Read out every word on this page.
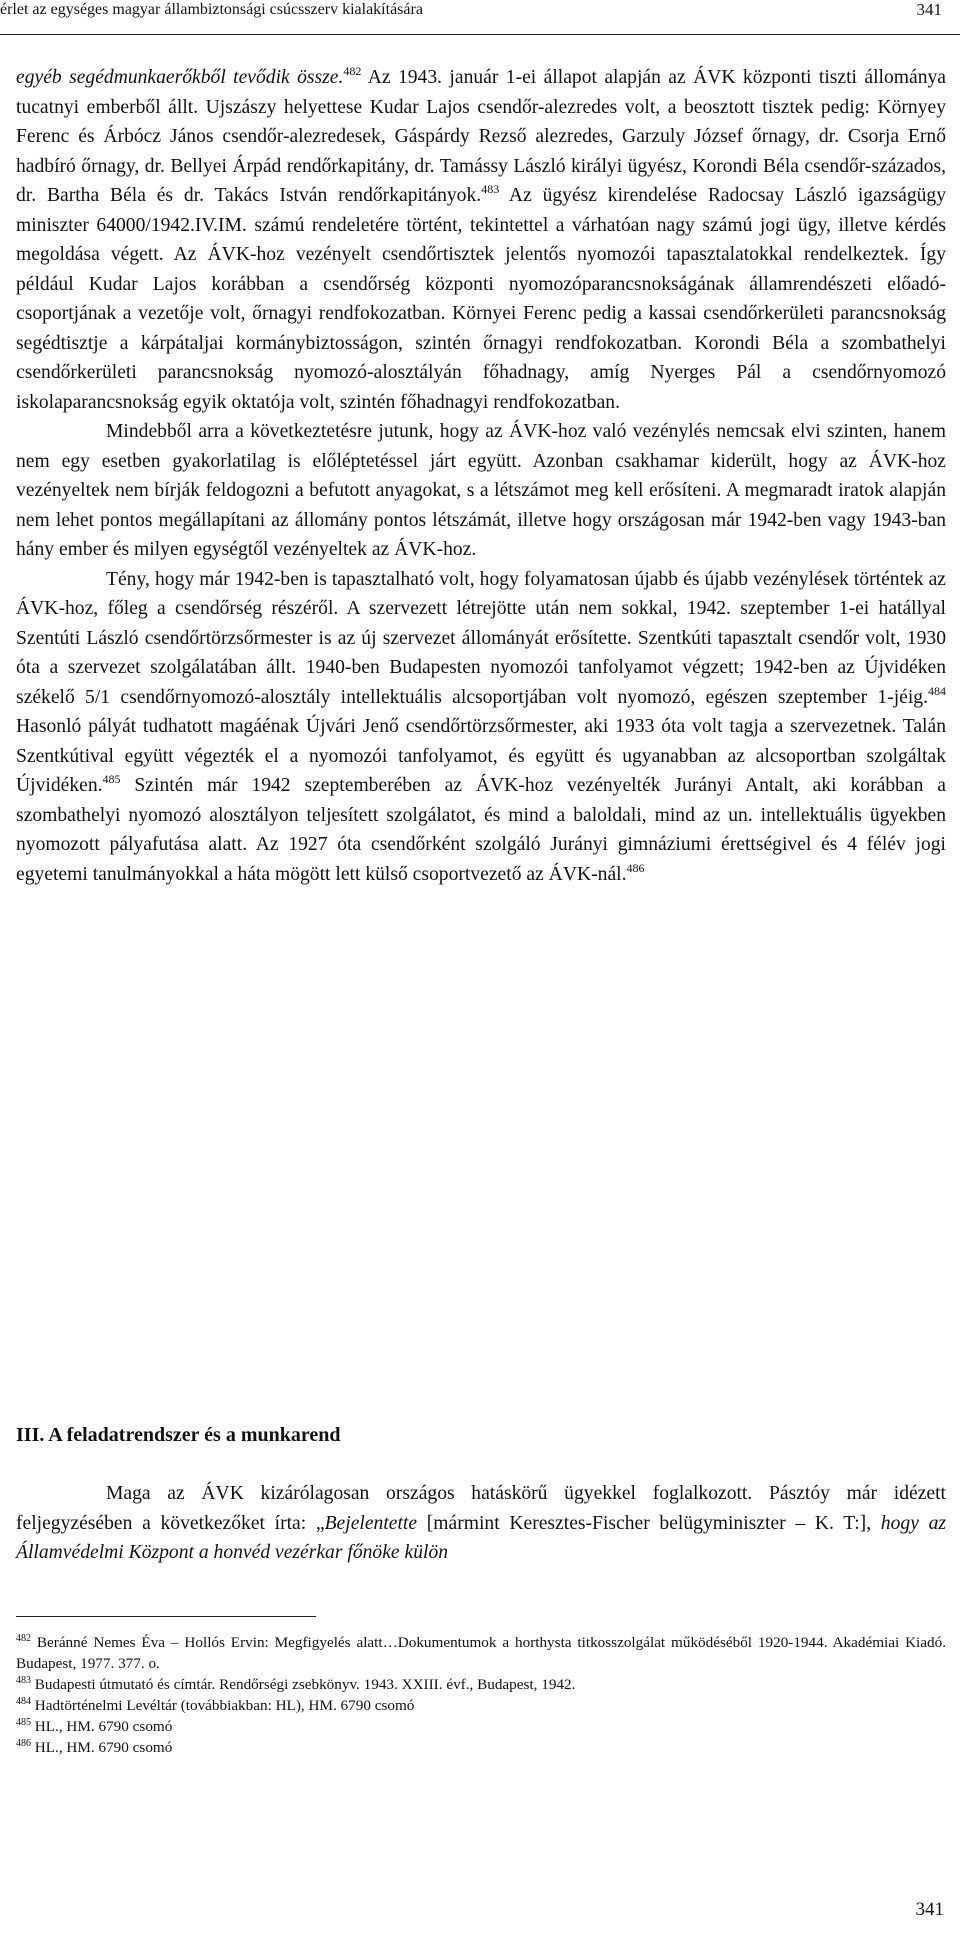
érlet az egységes magyar állambiztonsági csúcsszerv kialakítására	341

egyéb segédmunkaerőkből tevődik össze.$^{482}$ Az 1943. január 1-ei állapot alapján az ÁVK központi tiszti állománya tucatnyi emberből állt. Ujszászy helyettese Kudar Lajos csendőr-alezredes volt, a beosztott tisztek pedig: Környey Ferenc és Árbócz János csendőr-alezredesek, Gáspárdy Rezső alezredes, Garzuly József őrnagy, dr. Csorja Ernő hadbíró őrnagy, dr. Bellyei Árpád rendőrkapitány, dr. Tamássy László királyi ügyész, Korondi Béla csendőr-százados, dr. Bartha Béla és dr. Takács István rendőrkapitányok.$^{483}$ Az ügyész kirendelése Radocsay László igazságügy miniszter 64000/1942.IV.IM. számú rendeletére történt, tekintettel a várhatóan nagy számú jogi ügy, illetve kérdés megoldása végett. Az ÁVK-hoz vezényelt csendőrtisztek jelentős nyomozói tapasztalatokkal rendelkeztek. Így például Kudar Lajos korábban a csendőrség központi nyomozóparancsnokságának államrendészeti előadó-csoportjának a vezetője volt, őrnagyi rendfokozatban. Környei Ferenc pedig a kassai csendőrkerületi parancsnokság segédtisztje a kárpátaljai kormánybiztosságon, szintén őrnagyi rendfokozatban. Korondi Béla a szombathelyi csendőrkerületi parancsnokság nyomozó-alosztályán főhadnagy, amíg Nyerges Pál a csendőrnyomozó iskolaparancsnokság egyik oktatója volt, szintén főhadnagyi rendfokozatban.

Mindebből arra a következtetésre jutunk, hogy az ÁVK-hoz való vezénylés nemcsak elvi szinten, hanem nem egy esetben gyakorlatilag is előléptetéssel járt együtt. Azonban csakhamar kiderült, hogy az ÁVK-hoz vezényeltek nem bírják feldogozni a befutott anyagokat, s a létszámot meg kell erősíteni. A megmaradt iratok alapján nem lehet pontos megállapítani az állomány pontos létszámát, illetve hogy országosan már 1942-ben vagy 1943-ban hány ember és milyen egységtől vezényeltek az ÁVK-hoz.

Tény, hogy már 1942-ben is tapasztalható volt, hogy folyamatosan újabb és újabb vezénylések történtek az ÁVK-hoz, főleg a csendőrség részéről. A szervezett létrejötte után nem sokkal, 1942. szeptember 1-ei hatállyal Szentúti László csendőrtörzsőrmester is az új szervezet állományát erősítette. Szentkúti tapasztalt csendőr volt, 1930 óta a szervezet szolgálatában állt. 1940-ben Budapesten nyomozói tanfolyamot végzett; 1942-ben az Újvidéken székelő 5/1 csendőrnyomozó-alosztály intellektuális alcsoportjában volt nyomozó, egészen szeptember 1-jéig.$^{484}$ Hasonló pályát tudhatott magáénak Újvári Jenő csendőrtörzsőrmester, aki 1933 óta volt tagja a szervezetnek. Talán Szentkútival együtt végezték el a nyomozói tanfolyamot, és együtt és ugyanabban az alcsoportban szolgáltak Újvidéken.$^{485}$ Szintén már 1942 szeptemberében az ÁVK-hoz vezényelték Jurányi Antalt, aki korábban a szombathelyi nyomozó alosztályon teljesített szolgálatot, és mind a baloldali, mind az un. intellektuális ügyekben nyomozott pályafutása alatt. Az 1927 óta csendőrként szolgáló Jurányi gimnáziumi érettségivel és 4 félév jogi egyetemi tanulmányokkal a háta mögött lett külső csoportvezető az ÁVK-nál.$^{486}$

III. A feladatrendszer és a munkarend

Maga az ÁVK kizárólagosan országos hatáskörű ügyekkel foglalkozott. Pásztóy már idézett feljegyzésében a következőket írta: „Bejelentette [mármint Keresztes-Fischer belügyminiszter – K. T:], hogy az Államvédelmi Központ a honvéd vezérkar főnöke külön

$^{482}$ Beránné Nemes Éva – Hollós Ervin: Megfigyelés alatt…Dokumentumok a horthysta titkosszolgálat működéséből 1920-1944. Akadémiai Kiadó. Budapest, 1977. 377. o.

$^{483}$ Budapesti útmutató és címtár. Rendőrségi zsebkönyv. 1943. XXIII. évf., Budapest, 1942.

$^{484}$ Hadtörténelmi Levéltár (továbbiakban: HL), HM. 6790 csomó

$^{485}$ HL., HM. 6790 csomó

$^{486}$ HL., HM. 6790 csomó

341
